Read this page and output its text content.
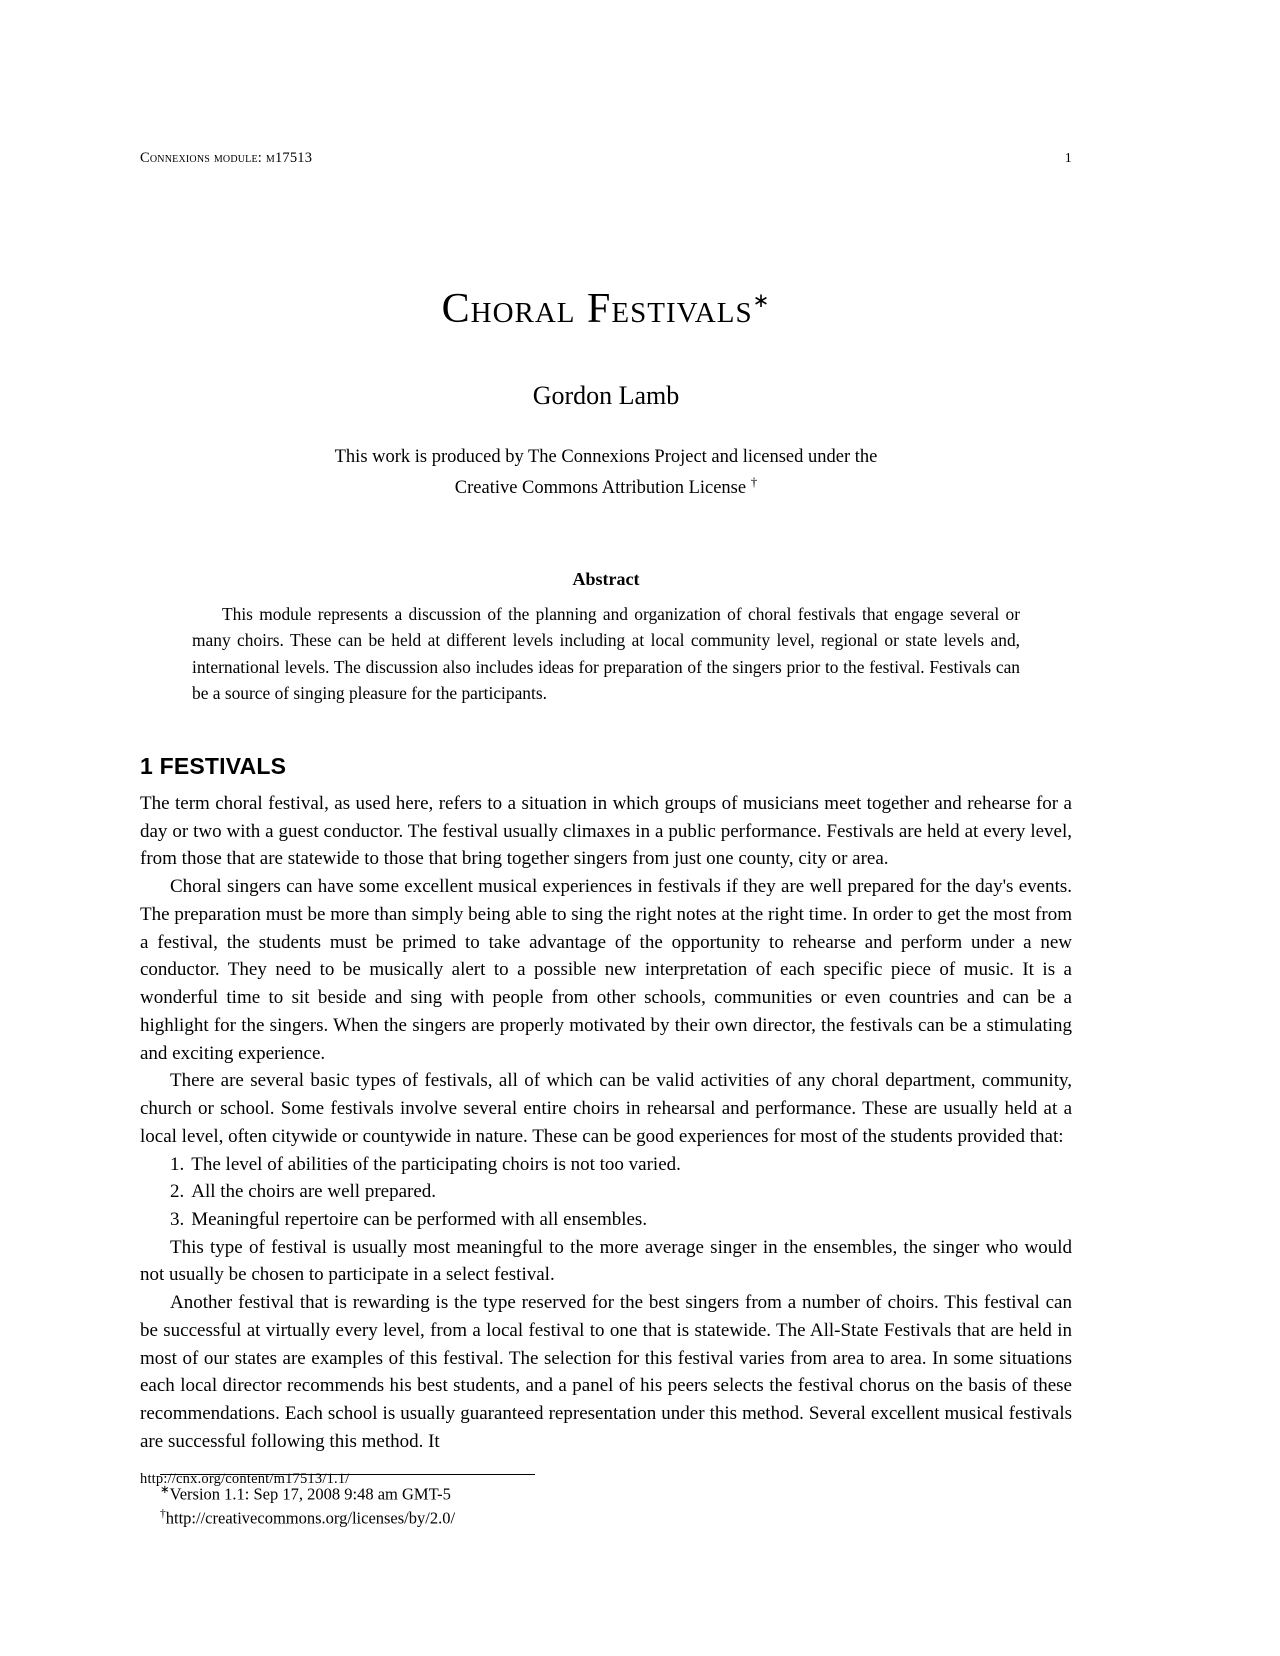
Connexions module: m17513	1
Choral Festivals∗
Gordon Lamb
This work is produced by The Connexions Project and licensed under the
Creative Commons Attribution License †
Abstract
This module represents a discussion of the planning and organization of choral festivals that engage several or many choirs. These can be held at different levels including at local community level, regional or state levels and, international levels. The discussion also includes ideas for preparation of the singers prior to the festival. Festivals can be a source of singing pleasure for the participants.
1 FESTIVALS

The term choral festival, as used here, refers to a situation in which groups of musicians meet together and rehearse for a day or two with a guest conductor. The festival usually climaxes in a public performance. Festivals are held at every level, from those that are statewide to those that bring together singers from just one county, city or area.

Choral singers can have some excellent musical experiences in festivals if they are well prepared for the day's events. The preparation must be more than simply being able to sing the right notes at the right time. In order to get the most from a festival, the students must be primed to take advantage of the opportunity to rehearse and perform under a new conductor. They need to be musically alert to a possible new interpretation of each specific piece of music. It is a wonderful time to sit beside and sing with people from other schools, communities or even countries and can be a highlight for the singers. When the singers are properly motivated by their own director, the festivals can be a stimulating and exciting experience.

There are several basic types of festivals, all of which can be valid activities of any choral department, community, church or school. Some festivals involve several entire choirs in rehearsal and performance. These are usually held at a local level, often citywide or countywide in nature. These can be good experiences for most of the students provided that:

1. The level of abilities of the participating choirs is not too varied.
2. All the choirs are well prepared.
3. Meaningful repertoire can be performed with all ensembles.

This type of festival is usually most meaningful to the more average singer in the ensembles, the singer who would not usually be chosen to participate in a select festival.

Another festival that is rewarding is the type reserved for the best singers from a number of choirs. This festival can be successful at virtually every level, from a local festival to one that is statewide. The All-State Festivals that are held in most of our states are examples of this festival. The selection for this festival varies from area to area. In some situations each local director recommends his best students, and a panel of his peers selects the festival chorus on the basis of these recommendations. Each school is usually guaranteed representation under this method. Several excellent musical festivals are successful following this method. It

∗Version 1.1: Sep 17, 2008 9:48 am GMT-5
†http://creativecommons.org/licenses/by/2.0/
http://cnx.org/content/m17513/1.1/
